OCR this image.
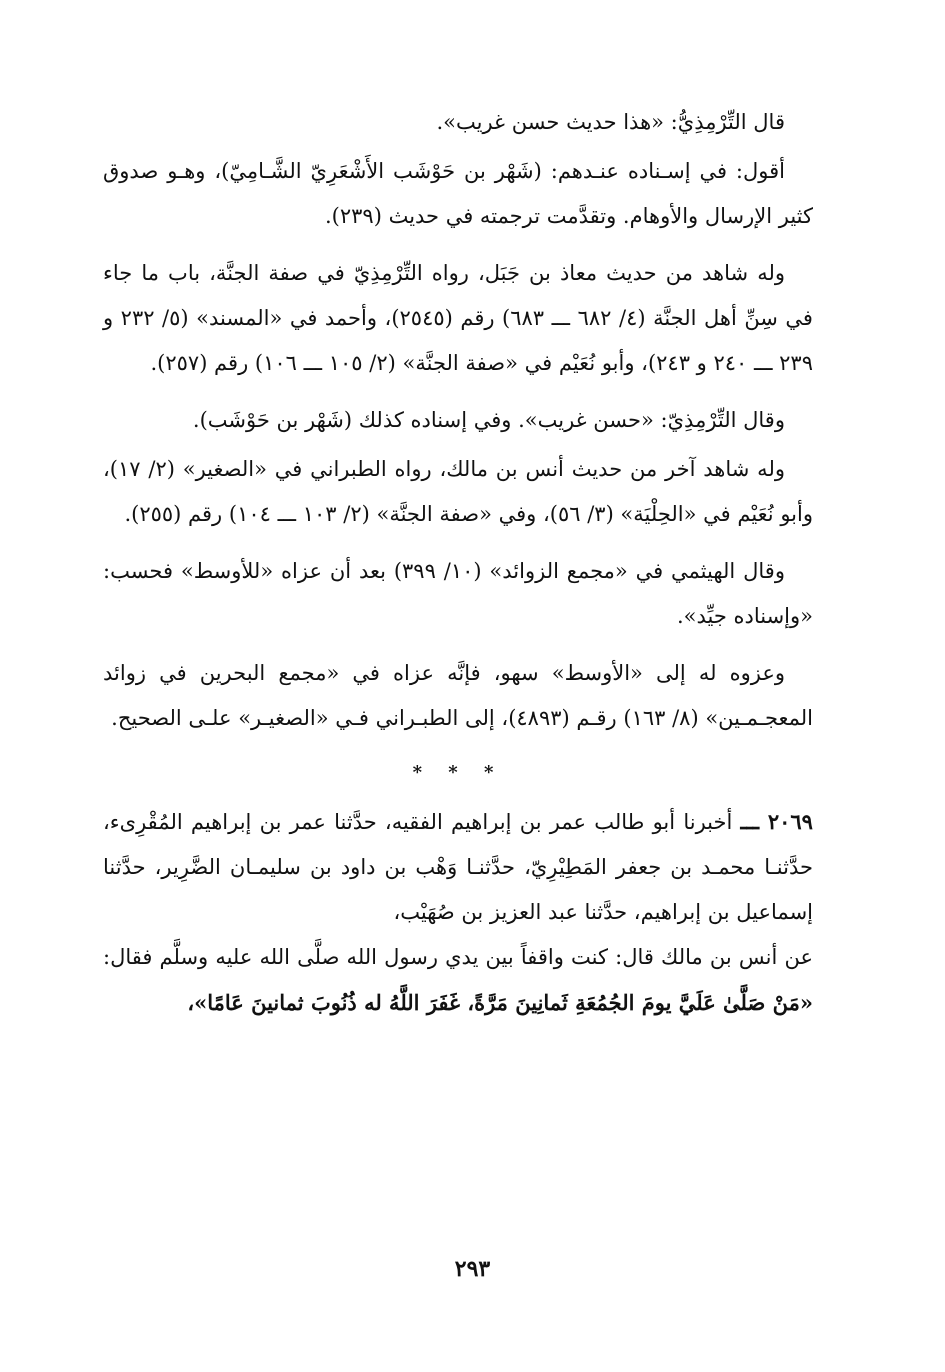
قال التِّرْمِذِيُّ: «هذا حديث حسن غريب».

أقول: في إسـناده عنـدهم: (شَهْر بن حَوْشَب الأَشْعَرِيّ الشَّـامِيّ)، وهـو صدوق كثير الإرسال والأوهام. وتقدَّمت ترجمته في حديث (٢٣٩).

وله شاهد من حديث معاذ بن جَبَل، رواه التِّرْمِذِيّ في صفة الجنَّة، باب ما جاء في سِنِّ أهل الجنَّة (٤/ ٦٨٢ ـــ ٦٨٣) رقم (٢٥٤٥)، وأحمد في «المسند» (٥/ ٢٣٢ و ٢٣٩ ـــ ٢٤٠ و ٢٤٣)، وأبو نُعَيْم في «صفة الجنَّة» (٢/ ١٠٥ ـــ ١٠٦) رقم (٢٥٧).

وقال التِّرْمِذِيّ: «حسن غريب». وفي إسناده كذلك (شَهْر بن حَوْشَب).

وله شاهد آخر من حديث أنس بن مالك، رواه الطبراني في «الصغير» (٢/ ١٧)، وأبو نُعَيْم في «الحِلْيَة» (٣/ ٥٦)، وفي «صفة الجنَّة» (٢/ ١٠٣ ـــ ١٠٤) رقم (٢٥٥).

وقال الهيثمي في «مجمع الزوائد» (١٠/ ٣٩٩) بعد أن عزاه «للأوسط» فحسب: «وإسناده جيِّد».

وعزوه له إلى «الأوسط» سهو، فإنَّه عزاه في «مجمع البحرين في زوائد المعجـمـين» (٨/ ١٦٣) رقـم (٤٨٩٣)، إلى الطبـراني فـي «الصغيـر» علـى الصحيح.

* * *

٢٠٦٩ ـــ أخبرنا أبو طالب عمر بن إبراهيم الفقيه، حدَّثنا عمر بن إبراهيم المُقْرِىء، حدَّثنـا محمـد بن جعفر المَطِيْرِيّ، حدَّثنـا وَهْب بن داود بن سليمـان الضَّرِير، حدَّثنا إسماعيل بن إبراهيم، حدَّثنا عبد العزيز بن صُهَيْب،

عن أنس بن مالك قال: كنت واقفاً بين يدي رسول الله صلَّى الله عليه وسلَّم فقال: «مَنْ صَلَّىٰ عَلَيَّ يومَ الجُمُعَةِ ثَمانِينَ مَرَّةً، غَفَرَ اللَّهُ له ذُنُوبَ ثمانينَ عَامًا»،

٢٩٣
